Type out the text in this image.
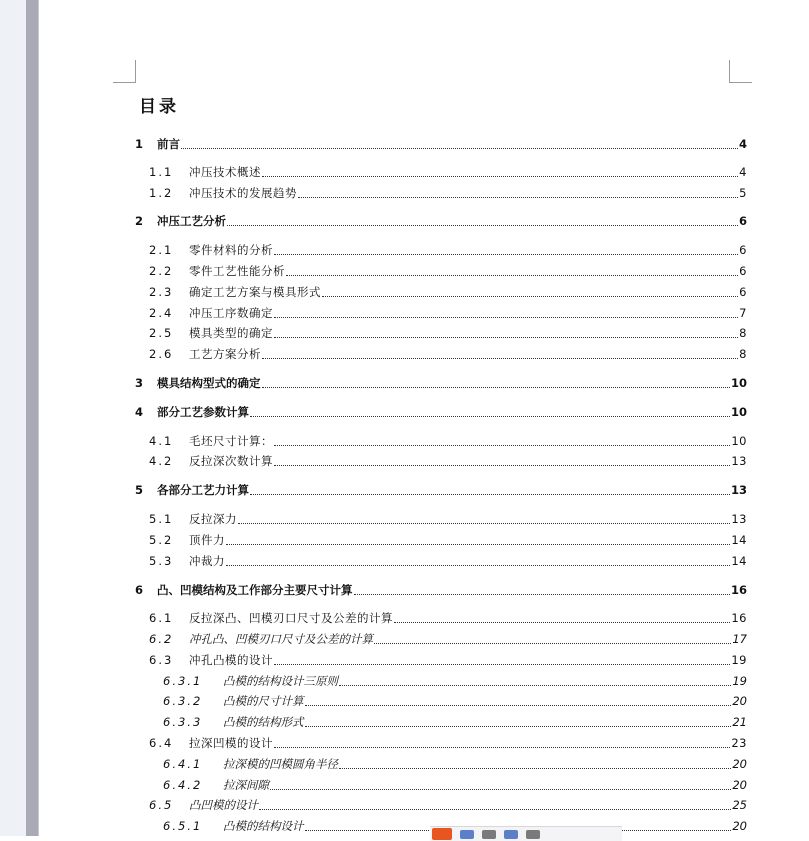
目录
1	前言	4
1.1	冲压技术概述	4
1.2	冲压技术的发展趋势	5
2	冲压工艺分析	6
2.1	零件材料的分析	6
2.2	零件工艺性能分析	6
2.3	确定工艺方案与模具形式	6
2.4	冲压工序数确定	7
2.5	模具类型的确定	8
2.6	工艺方案分析	8
3	模具结构型式的确定	10
4	部分工艺参数计算	10
4.1	毛坯尺寸计算：	10
4.2	反拉深次数计算	13
5	各部分工艺力计算	13
5.1	反拉深力	13
5.2	顶件力	14
5.3	冲裁力	14
6	凸、凹模结构及工作部分主要尺寸计算	16
6.1	反拉深凸、凹模刃口尺寸及公差的计算	16
6.2	冲孔凸、凹模刃口尺寸及公差的计算	17
6.3	冲孔凸模的设计	19
6.3.1	凸模的结构设计三原则	19
6.3.2	凸模的尺寸计算	20
6.3.3	凸模的结构形式	21
6.4	拉深凹模的设计	23
6.4.1	拉深模的凹模圆角半径	20
6.4.2	拉深间隙	20
6.5	凸凹模的设计	25
6.5.1	凸模的结构设计	20
